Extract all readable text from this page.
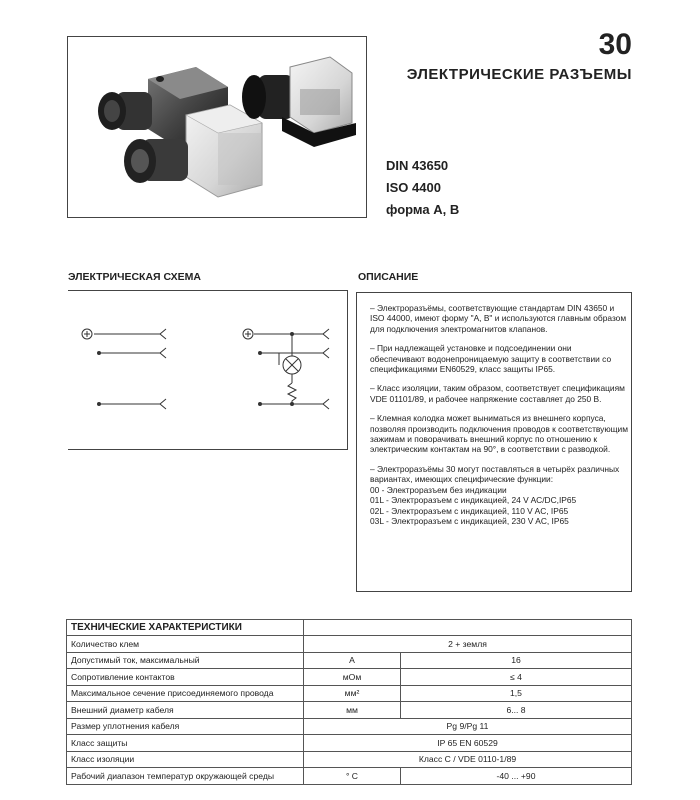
30
ЭЛЕКТРИЧЕСКИЕ РАЗЪЕМЫ
DIN 43650
ISO 4400
форма A, B
ЭЛЕКТРИЧЕСКАЯ СХЕМА	ОПИСАНИЕ

– Электроразъёмы, соответствующие стандартам DIN 43650 и ISO 44000, имеют форму "A, B" и используются главным образом для подключения электромагнитов клапанов.

– При надлежащей установке и подсоединении они обеспечивают водонепроницаемую защиту в соответствии со спецификациями EN60529, класс защиты IP65.

– Класс изоляции, таким образом, соответствует спецификациям VDE 01101/89, и рабочее напряжение составляет до 250 В.

– Клемная колодка может выниматься из внешнего корпуса, позволяя производить подключения проводов к соответствующим зажимам и поворачивать внешний корпус по отношению к электрическим контактам на 90°, в соответствии с разводкой.

– Электроразъёмы 30 могут поставляться в четырёх различных вариантах, имеющих специфические функции:

00 - Электроразъем без индикации

01L - Электроразъем с индикацией, 24 V AC/DC,IP65

02L - Электроразъем с индикацией, 110 V AC, IP65

03L - Электроразъем с индикацией, 230 V AC, IP65

ТЕХНИЧЕСКИЕ ХАРАКТЕРИСТИКИ		
Количество клем	2 + земля	
Допустимый ток, максимальный	A	16
Сопротивление контактов	мОм	≤ 4
Максимальное сечение присоединяемого провода	мм²	1,5
Внешний диаметр кабеля	мм	6... 8
Размер уплотнения кабеля	Pg 9/Pg 11	
Класс защиты	IP 65 EN 60529	
Класс изоляции	Класс C / VDE 0110-1/89	
Рабочий диапазон температур окружающей среды	° C	-40 ... +90
